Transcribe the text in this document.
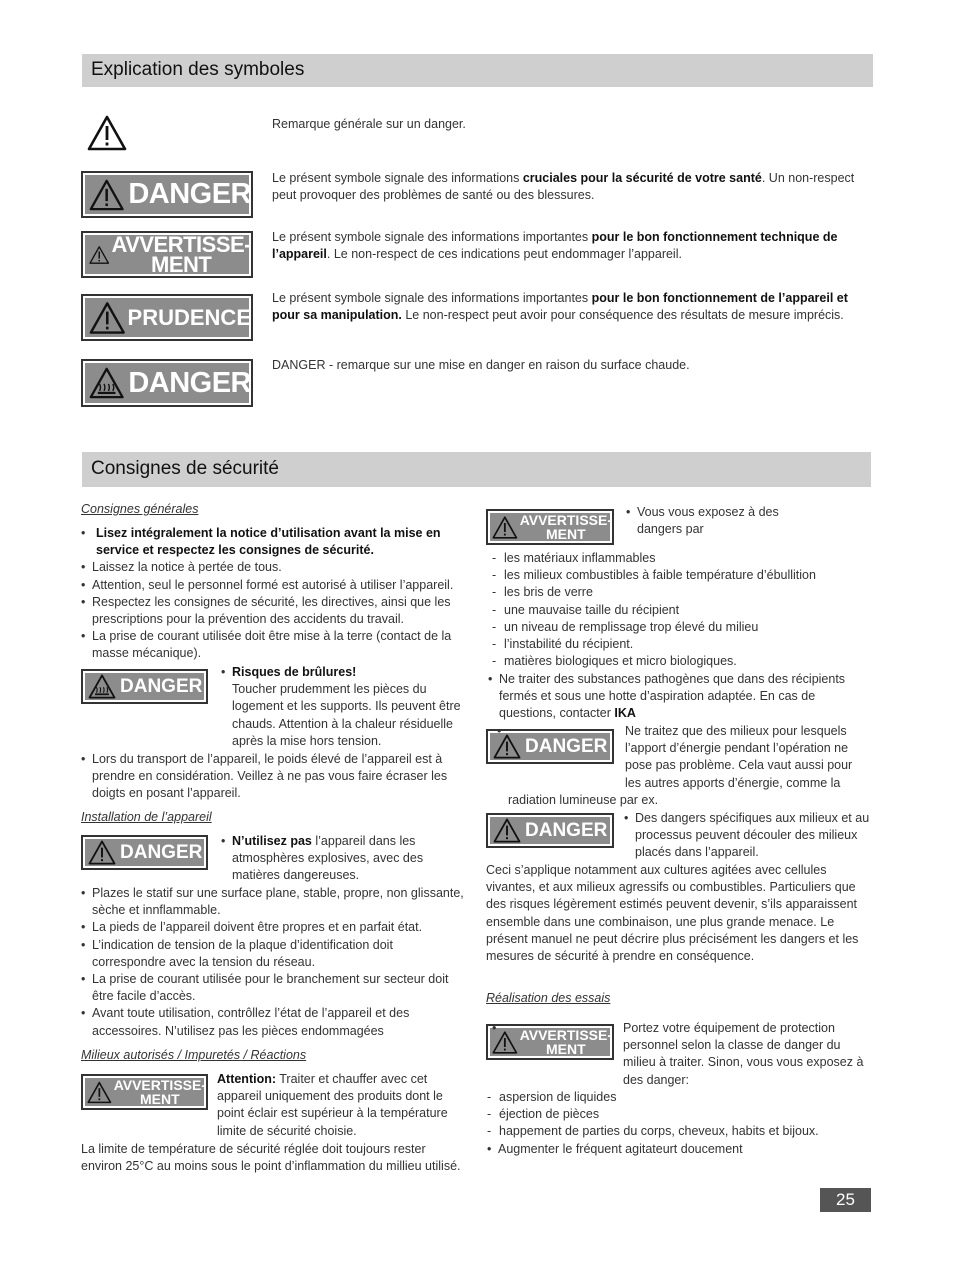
Explication des symboles
Remarque générale sur un danger.
DANGER Le présent symbole signale des informations cruciales pour la sécurité de votre santé. Un non-respect peut provoquer des problèmes de santé ou des blessures.
AVVERTISSE-
MENT
Le présent symbole signale des informations importantes pour le bon fonctionnement technique de l’appareil. Le non-respect de ces indications peut endommager l’appareil.
PRUDENCE
Le présent symbole signale des informations importantes pour le bon fonctionnement de l’appareil et pour sa manipulation. Le non-respect peut avoir pour conséquence des résultats de mesure imprécis.
DANGER
DANGER - remarque sur une mise en danger en raison du surface chaude.
Consignes de sécurité
Consignes générales
• Lisez intégralement la notice d’utilisation avant la mise en service et respectez les consignes de sécurité.
• Laissez la notice à pertée de tous.
• Attention, seul le personnel formé est autorisé à utiliser l’appareil.
• Respectez les consignes de sécurité, les directives, ainsi que les prescriptions pour la prévention des accidents du travail.
• La prise de courant utilisée doit être mise à la terre (contact de la masse mécanique).
DANGER
• Risques de brûlures!
Toucher prudemment les pièces du logement et les supports. Ils peuvent être chauds. Attention à la chaleur résiduelle après la mise hors tension.
• Lors du transport de l’appareil, le poids élevé de l’appareil est à prendre en considération. Veillez à ne pas vous faire écraser les doigts en posant l’appareil.
Installation de l’appareil
DANGER
• N’utilisez pas l’appareil dans les atmosphères explosives, avec des matières dangereuses.
• Plazes le statif sur une surface plane, stable, propre, non glissante, sèche et innflammable.
• La pieds de l’appareil doivent être propres et en parfait état.
• L’indication de tension de la plaque d’identification doit correspondre avec la tension du réseau.
• La prise de courant utilisée pour le branchement sur secteur doit être facile d’accès.
• Avant toute utilisation, contrôllez l’état de l’appareil et des accessoires. N’utilisez pas les pièces endommagées
Milieux autorisés / Impuretés / Réactions
AVVERTISSE-
MENT
Attention: Traiter et chauffer avec cet appareil uniquement des produits dont le point éclair est supérieur à la température limite de sécurité choisie.
La limite de température de sécurité réglée doit toujours rester environ 25°C au moins sous le point d’inflammation du millieu utilisé.
AVVERTISSE-
MENT
• Vous vous exposez à des dangers par
- les matériaux inflammables
- les milieux combustibles à faible température d’ébullition
- les bris de verre
- une mauvaise taille du récipient
- un niveau de remplissage trop élevé du milieu
- l’instabilité du récipient.
- matières biologiques et micro biologiques.
• Ne traiter des substances pathogènes que dans des récipients fermés et sous une hotte d’aspiration adaptée. En cas de questions, contacter IKA
DANGER
• Ne traitez que des milieux pour lesquels l’apport d’énergie pendant l’opération ne pose pas problème. Cela vaut aussi pour les autres apports d’énergie, comme la radiation lumineuse par ex.
DANGER
• Des dangers spécifiques aux milieux et au processus peuvent découler des milieux placés dans l’appareil.
Ceci s’applique notamment aux cultures agitées avec cellules vivantes, et aux milieux agressifs ou combustibles. Particuliers que des risques légèrement estimés peuvent devenir, s’ils apparaissent ensemble dans une combinaison, une plus grande menace. Le présent manuel ne peut décrire plus précisément les dangers et les mesures de sécurité à prendre en conséquence.
Réalisation des essais
AVVERTISSE-
MENT
• Portez votre équipement de protection personnel selon la classe de danger du milieu à traiter. Sinon, vous vous exposez à des danger:
- aspersion de liquides
- éjection de pièces
- happement de parties du corps, cheveux, habits et bijoux.
• Augmenter le fréquent agitateurt doucement
25
